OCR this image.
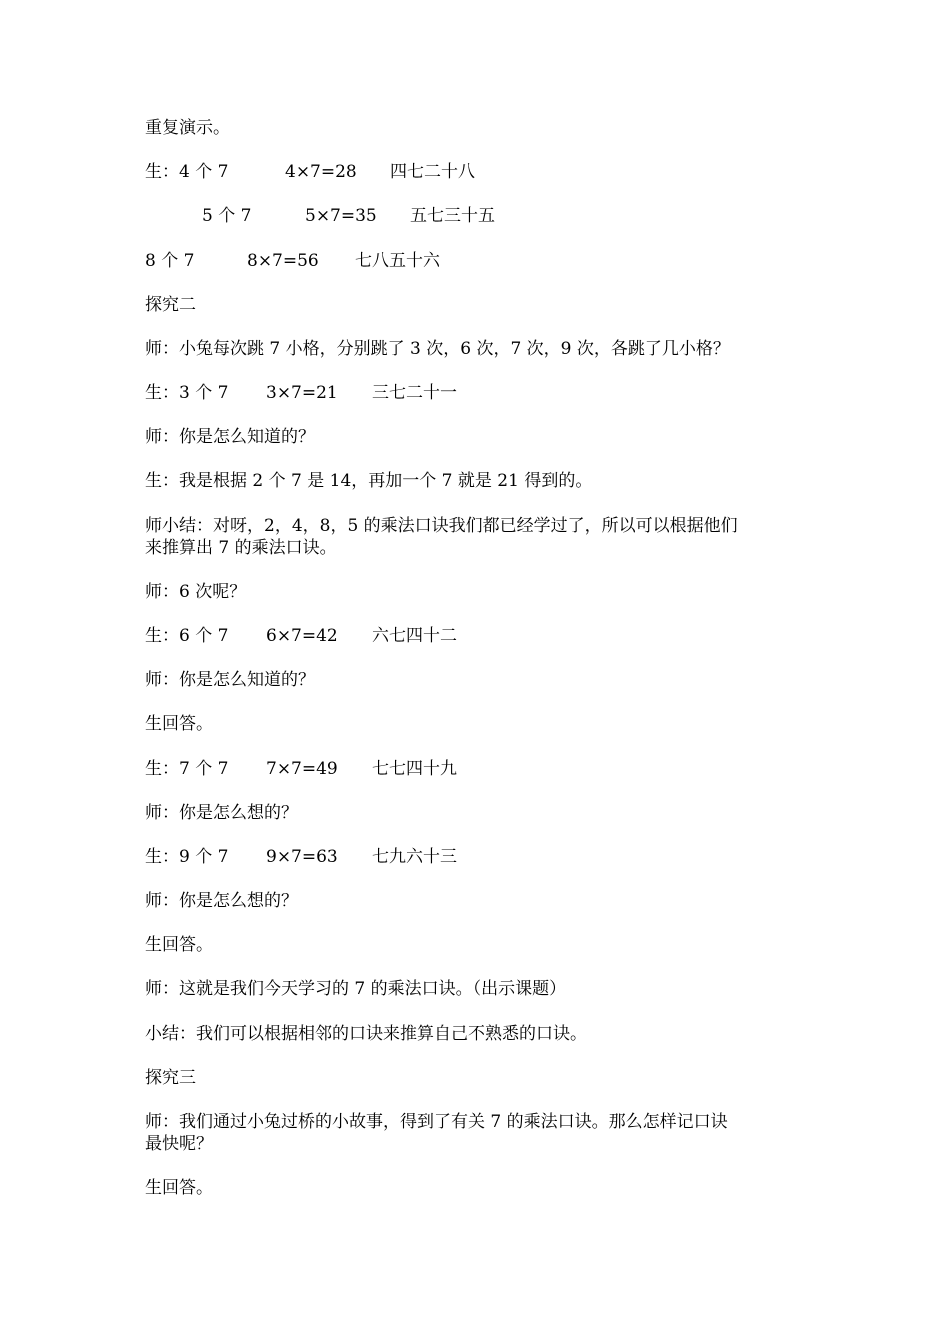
重复演示。
生：4 个 7	4×7=28 四七二十八
5 个 7	5×7=35 五七三十五
8 个 7	8×7=56 七八五十六
探究二
师：小兔每次跳 7 小格，分别跳了 3 次，6 次，7 次，9 次，各跳了几小格？
生：3 个 7 3×7=21 三七二十一
师：你是怎么知道的？
生：我是根据 2 个 7 是 14，再加一个 7 就是 21 得到的。
师小结：对呀，2，4，8，5 的乘法口诀我们都已经学过了，所以可以根据他们
来推算出 7 的乘法口诀。
师：6 次呢？
生：6 个 7 6×7=42 六七四十二
师：你是怎么知道的？
生回答。
生：7 个 7 7×7=49 七七四十九
师：你是怎么想的？
生：9 个 7 9×7=63 七九六十三
师：你是怎么想的？
生回答。
师：这就是我们今天学习的 7 的乘法口诀。（出示课题）
小结：我们可以根据相邻的口诀来推算自己不熟悉的口诀。
探究三
师：我们通过小兔过桥的小故事，得到了有关 7 的乘法口诀。那么怎样记口诀
最快呢？
生回答。
